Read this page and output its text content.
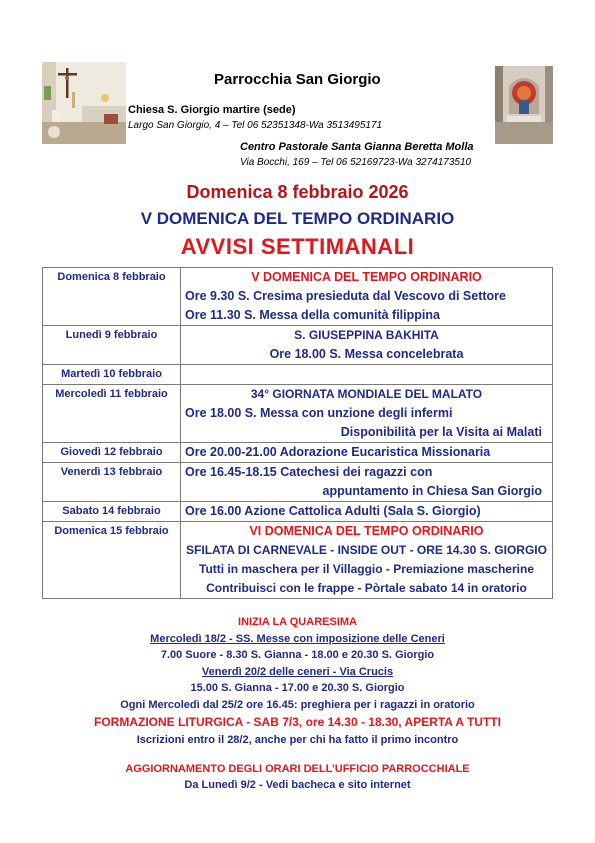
Parrocchia San Giorgio
Chiesa S. Giorgio martire (sede)
Largo San Giorgio, 4 – Tel 06 52351348-Wa 3513495171
Centro Pastorale Santa Gianna Beretta Molla
Via Bocchi, 169 – Tel 06 52169723-Wa 3274173510
Domenica 8 febbraio 2026
V DOMENICA DEL TEMPO ORDINARIO
AVVISI SETTIMANALI
Domenica 8 febbraio	V DOMENICA DEL TEMPO ORDINARIO
Ore 9.30 S. Cresima presieduta dal Vescovo di Settore
Ore 11.30 S. Messa della comunità filippina

Lunedì 9 febbraio	S. GIUSEPPINA BAKHITA
Ore 18.00 S. Messa concelebrata

Martedì 10 febbraio	

Mercoledì 11 febbraio	34° GIORNATA MONDIALE DEL MALATO
Ore 18.00 S. Messa con unzione degli infermi
Disponibilità per la Visita ai Malati

Giovedì 12 febbraio	Ore 20.00-21.00 Adorazione Eucaristica Missionaria

Venerdì 13 febbraio	Ore 16.45-18.15 Catechesi dei ragazzi con
appuntamento in Chiesa San Giorgio

Sabato 14 febbraio	Ore 16.00 Azione Cattolica Adulti (Sala S. Giorgio)

Domenica 15 febbraio	VI DOMENICA DEL TEMPO ORDINARIO
SFILATA DI CARNEVALE - INSIDE OUT - ORE 14.30 S. GIORGIO
Tutti in maschera per il Villaggio - Premiazione mascherine
Contribuisci con le frappe - Pòrtale sabato 14 in oratorio
INIZIA LA QUARESIMA
Mercoledì 18/2 - SS. Messe con imposizione delle Ceneri
7.00 Suore - 8.30 S. Gianna - 18.00 e 20.30 S. Giorgio
Venerdì 20/2 delle ceneri - Via Crucis
15.00 S. Gianna - 17.00 e 20.30 S. Giorgio
Ogni Mercoledì dal 25/2 ore 16.45: preghiera per i ragazzi in oratorio
FORMAZIONE LITURGICA - SAB 7/3, ore 14.30 - 18.30, APERTA A TUTTI
Iscrizioni entro il 28/2, anche per chi ha fatto il primo incontro
AGGIORNAMENTO DEGLI ORARI DELL’UFFICIO PARROCCHIALE
Da Lunedì 9/2 - Vedi bacheca e sito internet
